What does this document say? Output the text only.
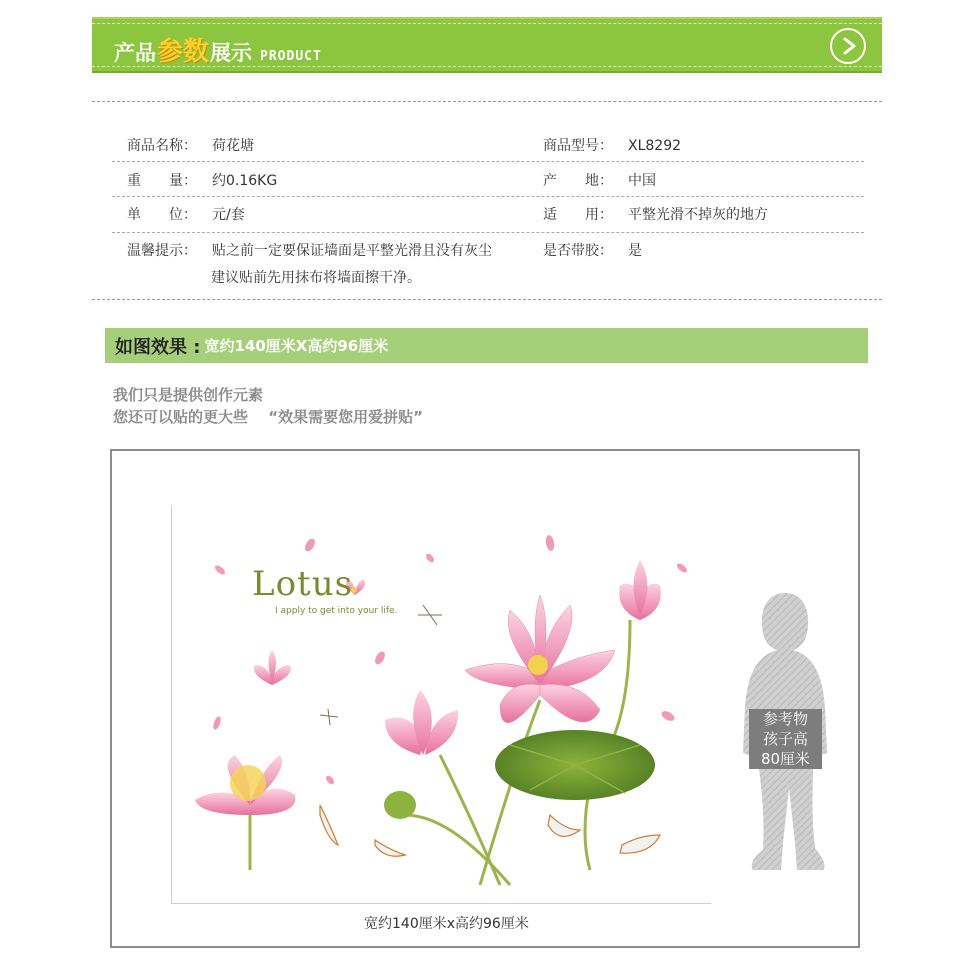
产品 参数 展示 PRODUCT
商品名称： 荷花塘	商品型号： XL8292
重　　量： 约0.16KG	产　　地： 中国
单　　位： 元/套	适　　用： 平整光滑不掉灰的地方
温馨提示： 贴之前一定要保证墙面是平整光滑且没有灰尘	是否带胶： 是
建议贴前先用抹布将墙面擦干净。
如图效果 : 宽约140厘米X高约96厘米
我们只是提供创作元素
您还可以贴的更大些　 “效果需要您用爱拼贴”
Lotus
I apply to get into your life.
参考物
孩子高
80厘米
宽约140厘米x高约96厘米
